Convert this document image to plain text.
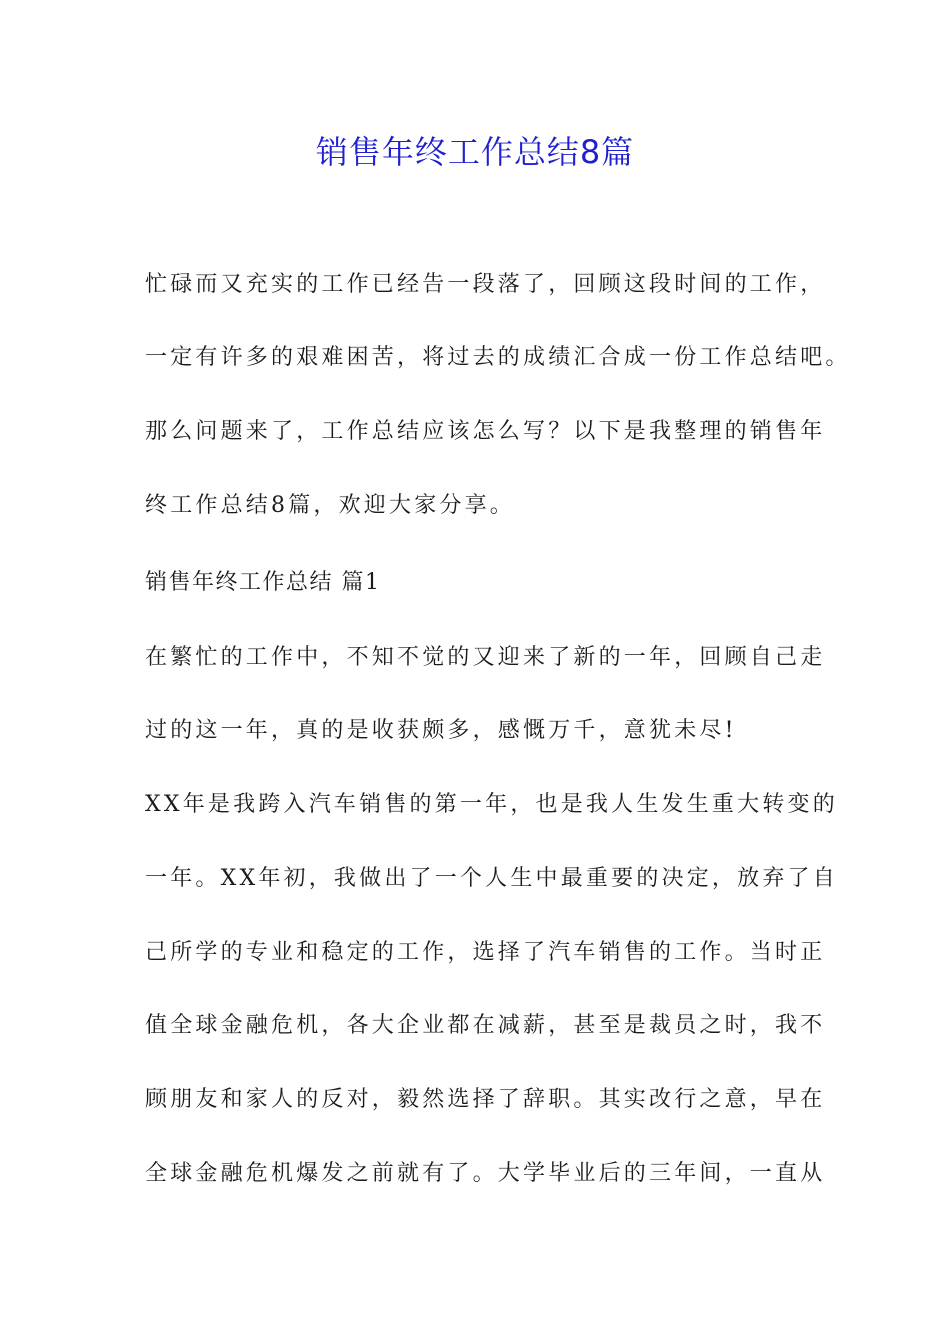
销售年终工作总结8篇
忙碌而又充实的工作已经告一段落了，回顾这段时间的工作，
一定有许多的艰难困苦，将过去的成绩汇合成一份工作总结吧。
那么问题来了，工作总结应该怎么写？以下是我整理的销售年
终工作总结8篇，欢迎大家分享。
销售年终工作总结 篇1
在繁忙的工作中，不知不觉的又迎来了新的一年，回顾自己走
过的这一年，真的是收获颇多，感慨万千，意犹未尽!
XX年是我跨入汽车销售的第一年，也是我人生发生重大转变的
一年。XX年初，我做出了一个人生中最重要的决定，放弃了自
己所学的专业和稳定的工作，选择了汽车销售的工作。当时正
值全球金融危机，各大企业都在减薪，甚至是裁员之时，我不
顾朋友和家人的反对，毅然选择了辞职。其实改行之意，早在
全球金融危机爆发之前就有了。大学毕业后的三年间，一直从
